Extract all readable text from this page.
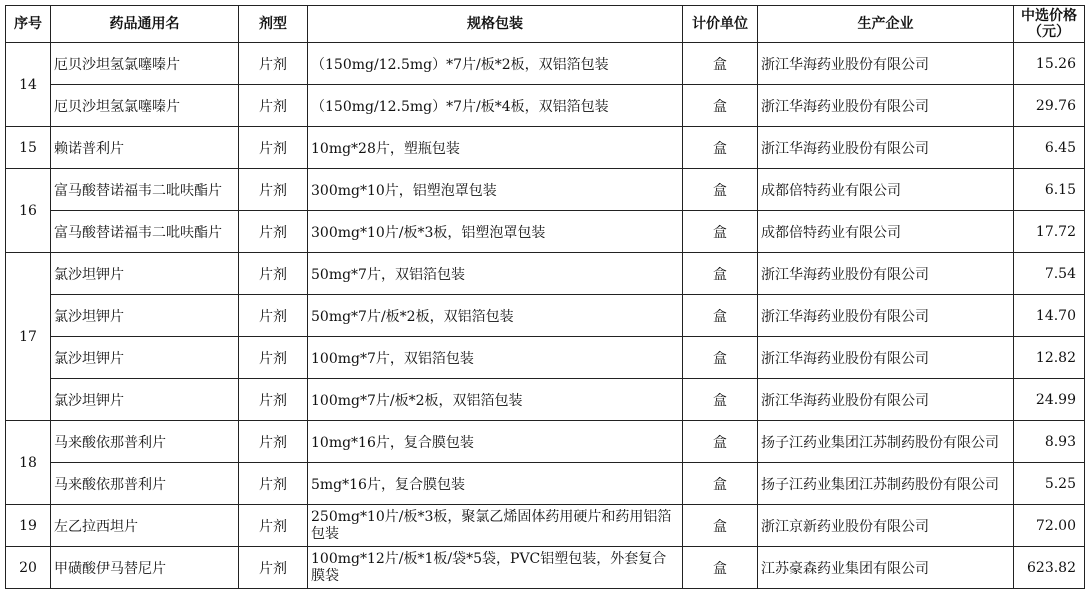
序号	药品通用名	剂型	规格包装	计价单位	生产企业	中选价格（元）
14	厄贝沙坦氢氯噻嗪片	片剂	（150mg/12.5mg）*7片/板*2板，双铝箔包装	盒	浙江华海药业股份有限公司	15.26
	厄贝沙坦氢氯噻嗪片	片剂	（150mg/12.5mg）*7片/板*4板，双铝箔包装	盒	浙江华海药业股份有限公司	29.76
15	赖诺普利片	片剂	10mg*28片，塑瓶包装	盒	浙江华海药业股份有限公司	6.45
16	富马酸替诺福韦二吡呋酯片	片剂	300mg*10片，铝塑泡罩包装	盒	成都倍特药业有限公司	6.15
	富马酸替诺福韦二吡呋酯片	片剂	300mg*10片/板*3板，铝塑泡罩包装	盒	成都倍特药业有限公司	17.72
17	氯沙坦钾片	片剂	50mg*7片，双铝箔包装	盒	浙江华海药业股份有限公司	7.54
	氯沙坦钾片	片剂	50mg*7片/板*2板，双铝箔包装	盒	浙江华海药业股份有限公司	14.70
	氯沙坦钾片	片剂	100mg*7片，双铝箔包装	盒	浙江华海药业股份有限公司	12.82
	氯沙坦钾片	片剂	100mg*7片/板*2板，双铝箔包装	盒	浙江华海药业股份有限公司	24.99
18	马来酸依那普利片	片剂	10mg*16片，复合膜包装	盒	扬子江药业集团江苏制药股份有限公司	8.93
	马来酸依那普利片	片剂	5mg*16片，复合膜包装	盒	扬子江药业集团江苏制药股份有限公司	5.25
19	左乙拉西坦片	片剂	250mg*10片/板*3板，聚氯乙烯固体药用硬片和药用铝箔包装	盒	浙江京新药业股份有限公司	72.00
20	甲磺酸伊马替尼片	片剂	100mg*12片/板*1板/袋*5袋，PVC铝塑包装，外套复合膜袋	盒	江苏豪森药业集团有限公司	623.82
